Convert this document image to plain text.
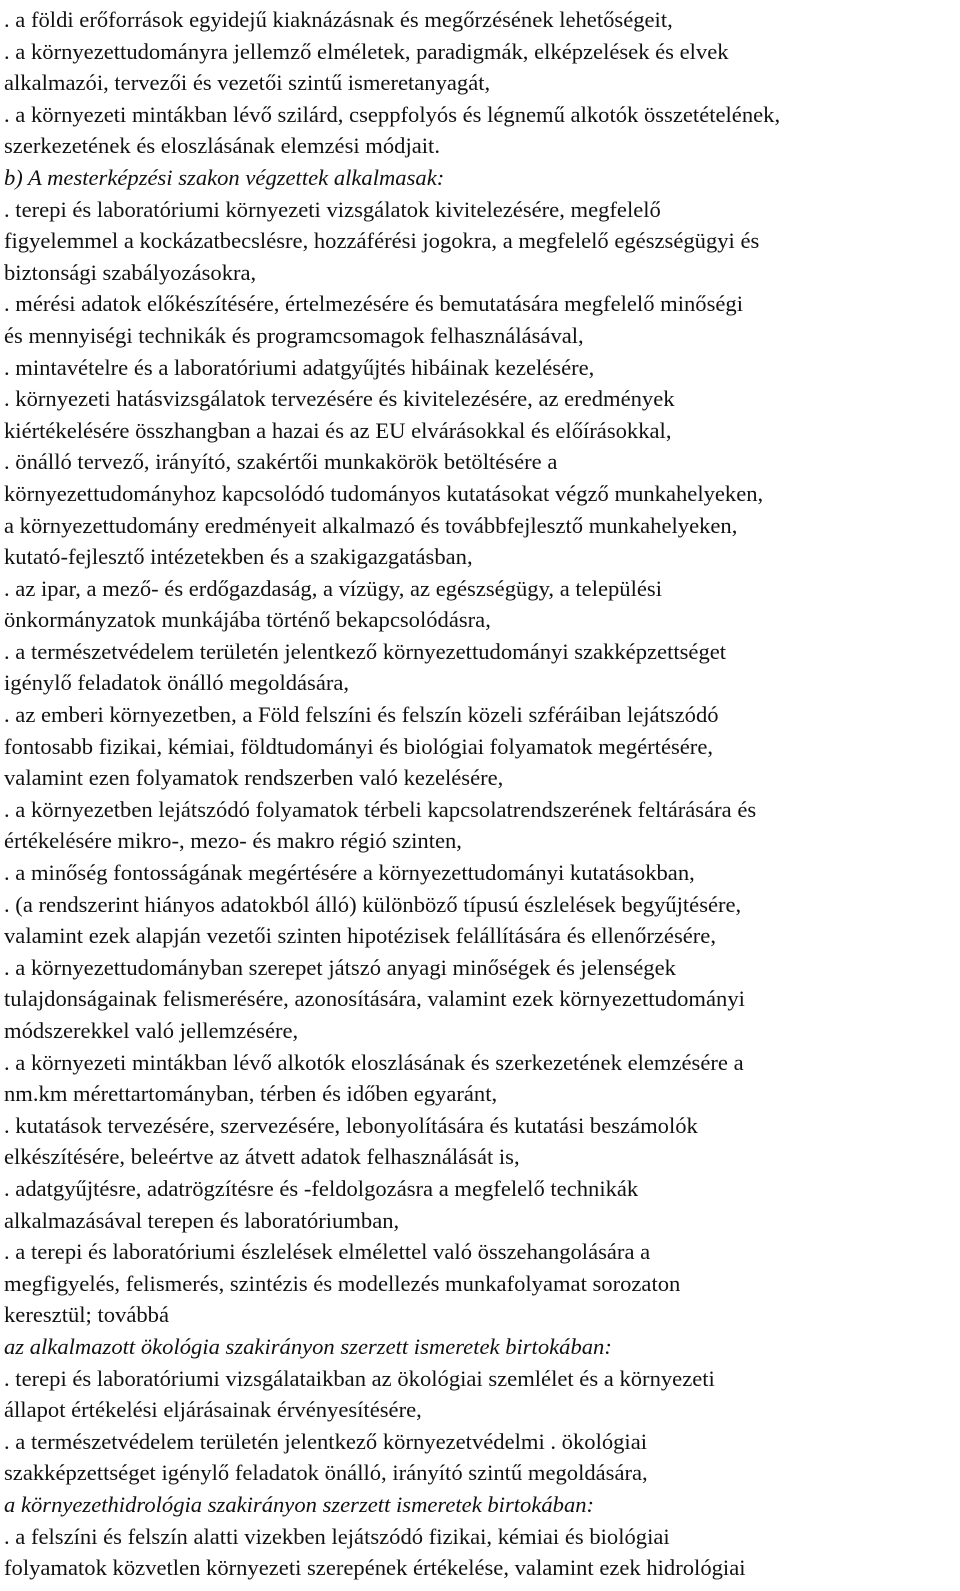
. a földi erőforrások egyidejű kiaknázásnak és megőrzésének lehetőségeit,
. a környezettudományra jellemző elméletek, paradigmák, elképzelések és elvek
alkalmazói, tervezői és vezetői szintű ismeretanyagát,
. a környezeti mintákban lévő szilárd, cseppfolyós és légnemű alkotók összetételének,
szerkezetének és eloszlásának elemzési módjait.
b) A mesterképzési szakon végzettek alkalmasak:
. terepi és laboratóriumi környezeti vizsgálatok kivitelezésére, megfelelő
figyelemmel a kockázatbecslésre, hozzáférési jogokra, a megfelelő egészségügyi és
biztonsági szabályozásokra,
. mérési adatok előkészítésére, értelmezésére és bemutatására megfelelő minőségi
és mennyiségi technikák és programcsomagok felhasználásával,
. mintavételre és a laboratóriumi adatgyűjtés hibáinak kezelésére,
. környezeti hatásvizsgálatok tervezésére és kivitelezésére, az eredmények
kiértékelésére összhangban a hazai és az EU elvárásokkal és előírásokkal,
. önálló tervező, irányító, szakértői munkakörök betöltésére a
környezettudományhoz kapcsolódó tudományos kutatásokat végző munkahelyeken,
a környezettudomány eredményeit alkalmazó és továbbfejlesztő munkahelyeken,
kutató-fejlesztő intézetekben és a szakigazgatásban,
. az ipar, a mező- és erdőgazdaság, a vízügy, az egészségügy, a települési
önkormányzatok munkájába történő bekapcsolódásra,
. a természetvédelem területén jelentkező környezettudományi szakképzettséget
igénylő feladatok önálló megoldására,
. az emberi környezetben, a Föld felszíni és felszín közeli szféráiban lejátszódó
fontosabb fizikai, kémiai, földtudományi és biológiai folyamatok megértésére,
valamint ezen folyamatok rendszerben való kezelésére,
. a környezetben lejátszódó folyamatok térbeli kapcsolatrendszerének feltárására és
értékelésére mikro-, mezo- és makro régió szinten,
. a minőség fontosságának megértésére a környezettudományi kutatásokban,
. (a rendszerint hiányos adatokból álló) különböző típusú észlelések begyűjtésére,
valamint ezek alapján vezetői szinten hipotézisek felállítására és ellenőrzésére,
. a környezettudományban szerepet játszó anyagi minőségek és jelenségek
tulajdonságainak felismerésére, azonosítására, valamint ezek környezettudományi
módszerekkel való jellemzésére,
. a környezeti mintákban lévő alkotók eloszlásának és szerkezetének elemzésére a
nm.km mérettartományban, térben és időben egyaránt,
. kutatások tervezésére, szervezésére, lebonyolítására és kutatási beszámolók
elkészítésére, beleértve az átvett adatok felhasználását is,
. adatgyűjtésre, adatrögzítésre és -feldolgozásra a megfelelő technikák
alkalmazásával terepen és laboratóriumban,
. a terepi és laboratóriumi észlelések elmélettel való összehangolására a
megfigyelés, felismerés, szintézis és modellezés munkafolyamat sorozaton
keresztül; továbbá
az alkalmazott ökológia szakirányon szerzett ismeretek birtokában:
. terepi és laboratóriumi vizsgálataikban az ökológiai szemlélet és a környezeti
állapot értékelési eljárásainak érvényesítésére,
. a természetvédelem területén jelentkező környezetvédelmi . ökológiai
szakképzettséget igénylő feladatok önálló, irányító szintű megoldására,
a környezethidrológia szakirányon szerzett ismeretek birtokában:
. a felszíni és felszín alatti vizekben lejátszódó fizikai, kémiai és biológiai
folyamatok közvetlen környezeti szerepének értékelése, valamint ezek hidrológiai
